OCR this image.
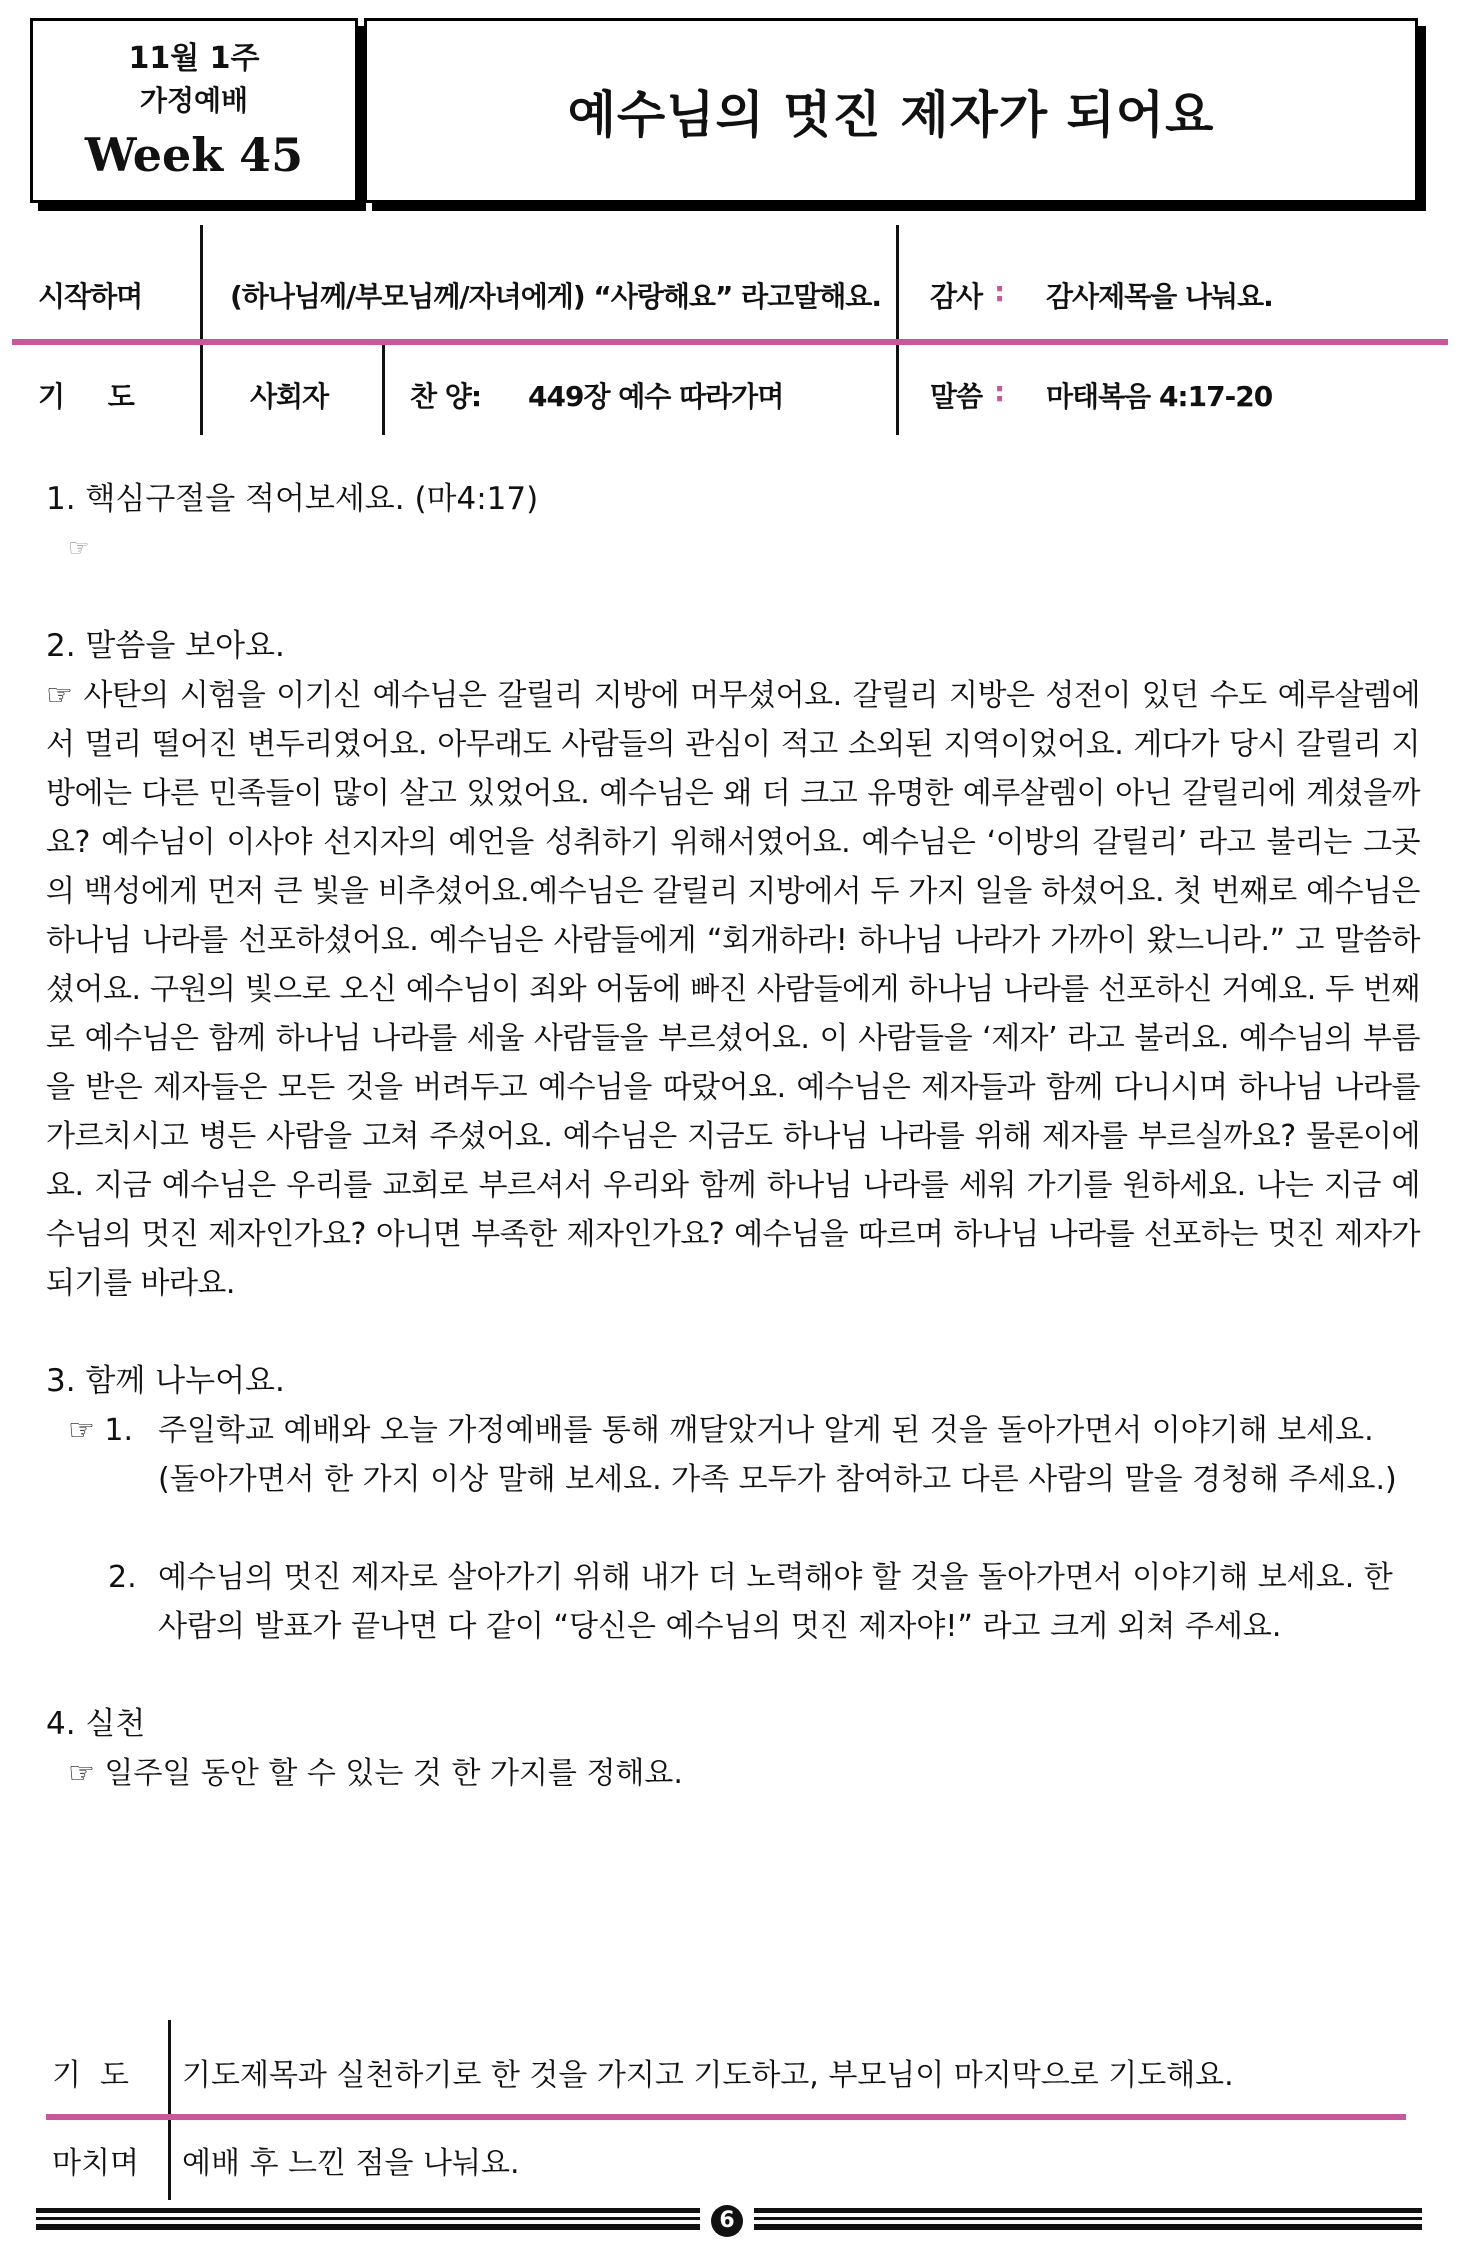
11월 1주
가정예배
Week 45
예수님의 멋진 제자가 되어요
시작하며	(하나님께/부모님께/자녀에게) “사랑해요” 라고말해요. 감사 : 감사제목을 나눠요.
기     도	사회자	찬 양: 449장 예수 따라가며	말씀 : 마태복음 4:17-20
1. 핵심구절을 적어보세요. (마4:17)
☞
2. 말씀을 보아요.
☞ 사탄의 시험을 이기신 예수님은 갈릴리 지방에 머무셨어요. 갈릴리 지방은 성전이 있던 수도 예루살렘에서 멀리 떨어진 변두리였어요. 아무래도 사람들의 관심이 적고 소외된 지역이었어요. 게다가 당시 갈릴리 지방에는 다른 민족들이 많이 살고 있었어요. 예수님은 왜 더 크고 유명한 예루살렘이 아닌 갈릴리에 계셨을까요? 예수님이 이사야 선지자의 예언을 성취하기 위해서였어요. 예수님은 ‘이방의 갈릴리’ 라고 불리는 그곳의 백성에게 먼저 큰 빛을 비추셨어요.예수님은 갈릴리 지방에서 두 가지 일을 하셨어요. 첫 번째로 예수님은 하나님 나라를 선포하셨어요. 예수님은 사람들에게 “회개하라! 하나님 나라가 가까이 왔느니라.” 고 말씀하셨어요. 구원의 빛으로 오신 예수님이 죄와 어둠에 빠진 사람들에게 하나님 나라를 선포하신 거예요. 두 번째로 예수님은 함께 하나님 나라를 세울 사람들을 부르셨어요. 이 사람들을 ‘제자’ 라고 불러요. 예수님의 부름을 받은 제자들은 모든 것을 버려두고 예수님을 따랐어요. 예수님은 제자들과 함께 다니시며 하나님 나라를 가르치시고 병든 사람을 고쳐 주셨어요. 예수님은 지금도 하나님 나라를 위해 제자를 부르실까요? 물론이에요. 지금 예수님은 우리를 교회로 부르셔서 우리와 함께 하나님 나라를 세워 가기를 원하세요. 나는 지금 예수님의 멋진 제자인가요? 아니면 부족한 제자인가요? 예수님을 따르며 하나님 나라를 선포하는 멋진 제자가 되기를 바라요.
3. 함께 나누어요.
☞ 1. 주일학교 예배와 오늘 가정예배를 통해 깨달았거나 알게 된 것을 돌아가면서 이야기해 보세요. (돌아가면서 한 가지 이상 말해 보세요. 가족 모두가 참여하고 다른 사람의 말을 경청해 주세요.)
2. 예수님의 멋진 제자로 살아가기 위해 내가 더 노력해야 할 것을 돌아가면서 이야기해 보세요. 한 사람의 발표가 끝나면 다 같이 “당신은 예수님의 멋진 제자야!” 라고 크게 외쳐 주세요.
4. 실천
☞ 일주일 동안 할 수 있는 것 한 가지를 정해요.
기  도 기도제목과 실천하기로 한 것을 가지고 기도하고, 부모님이 마지막으로 기도해요.
마치며 예배 후 느낀 점을 나눠요.
6
